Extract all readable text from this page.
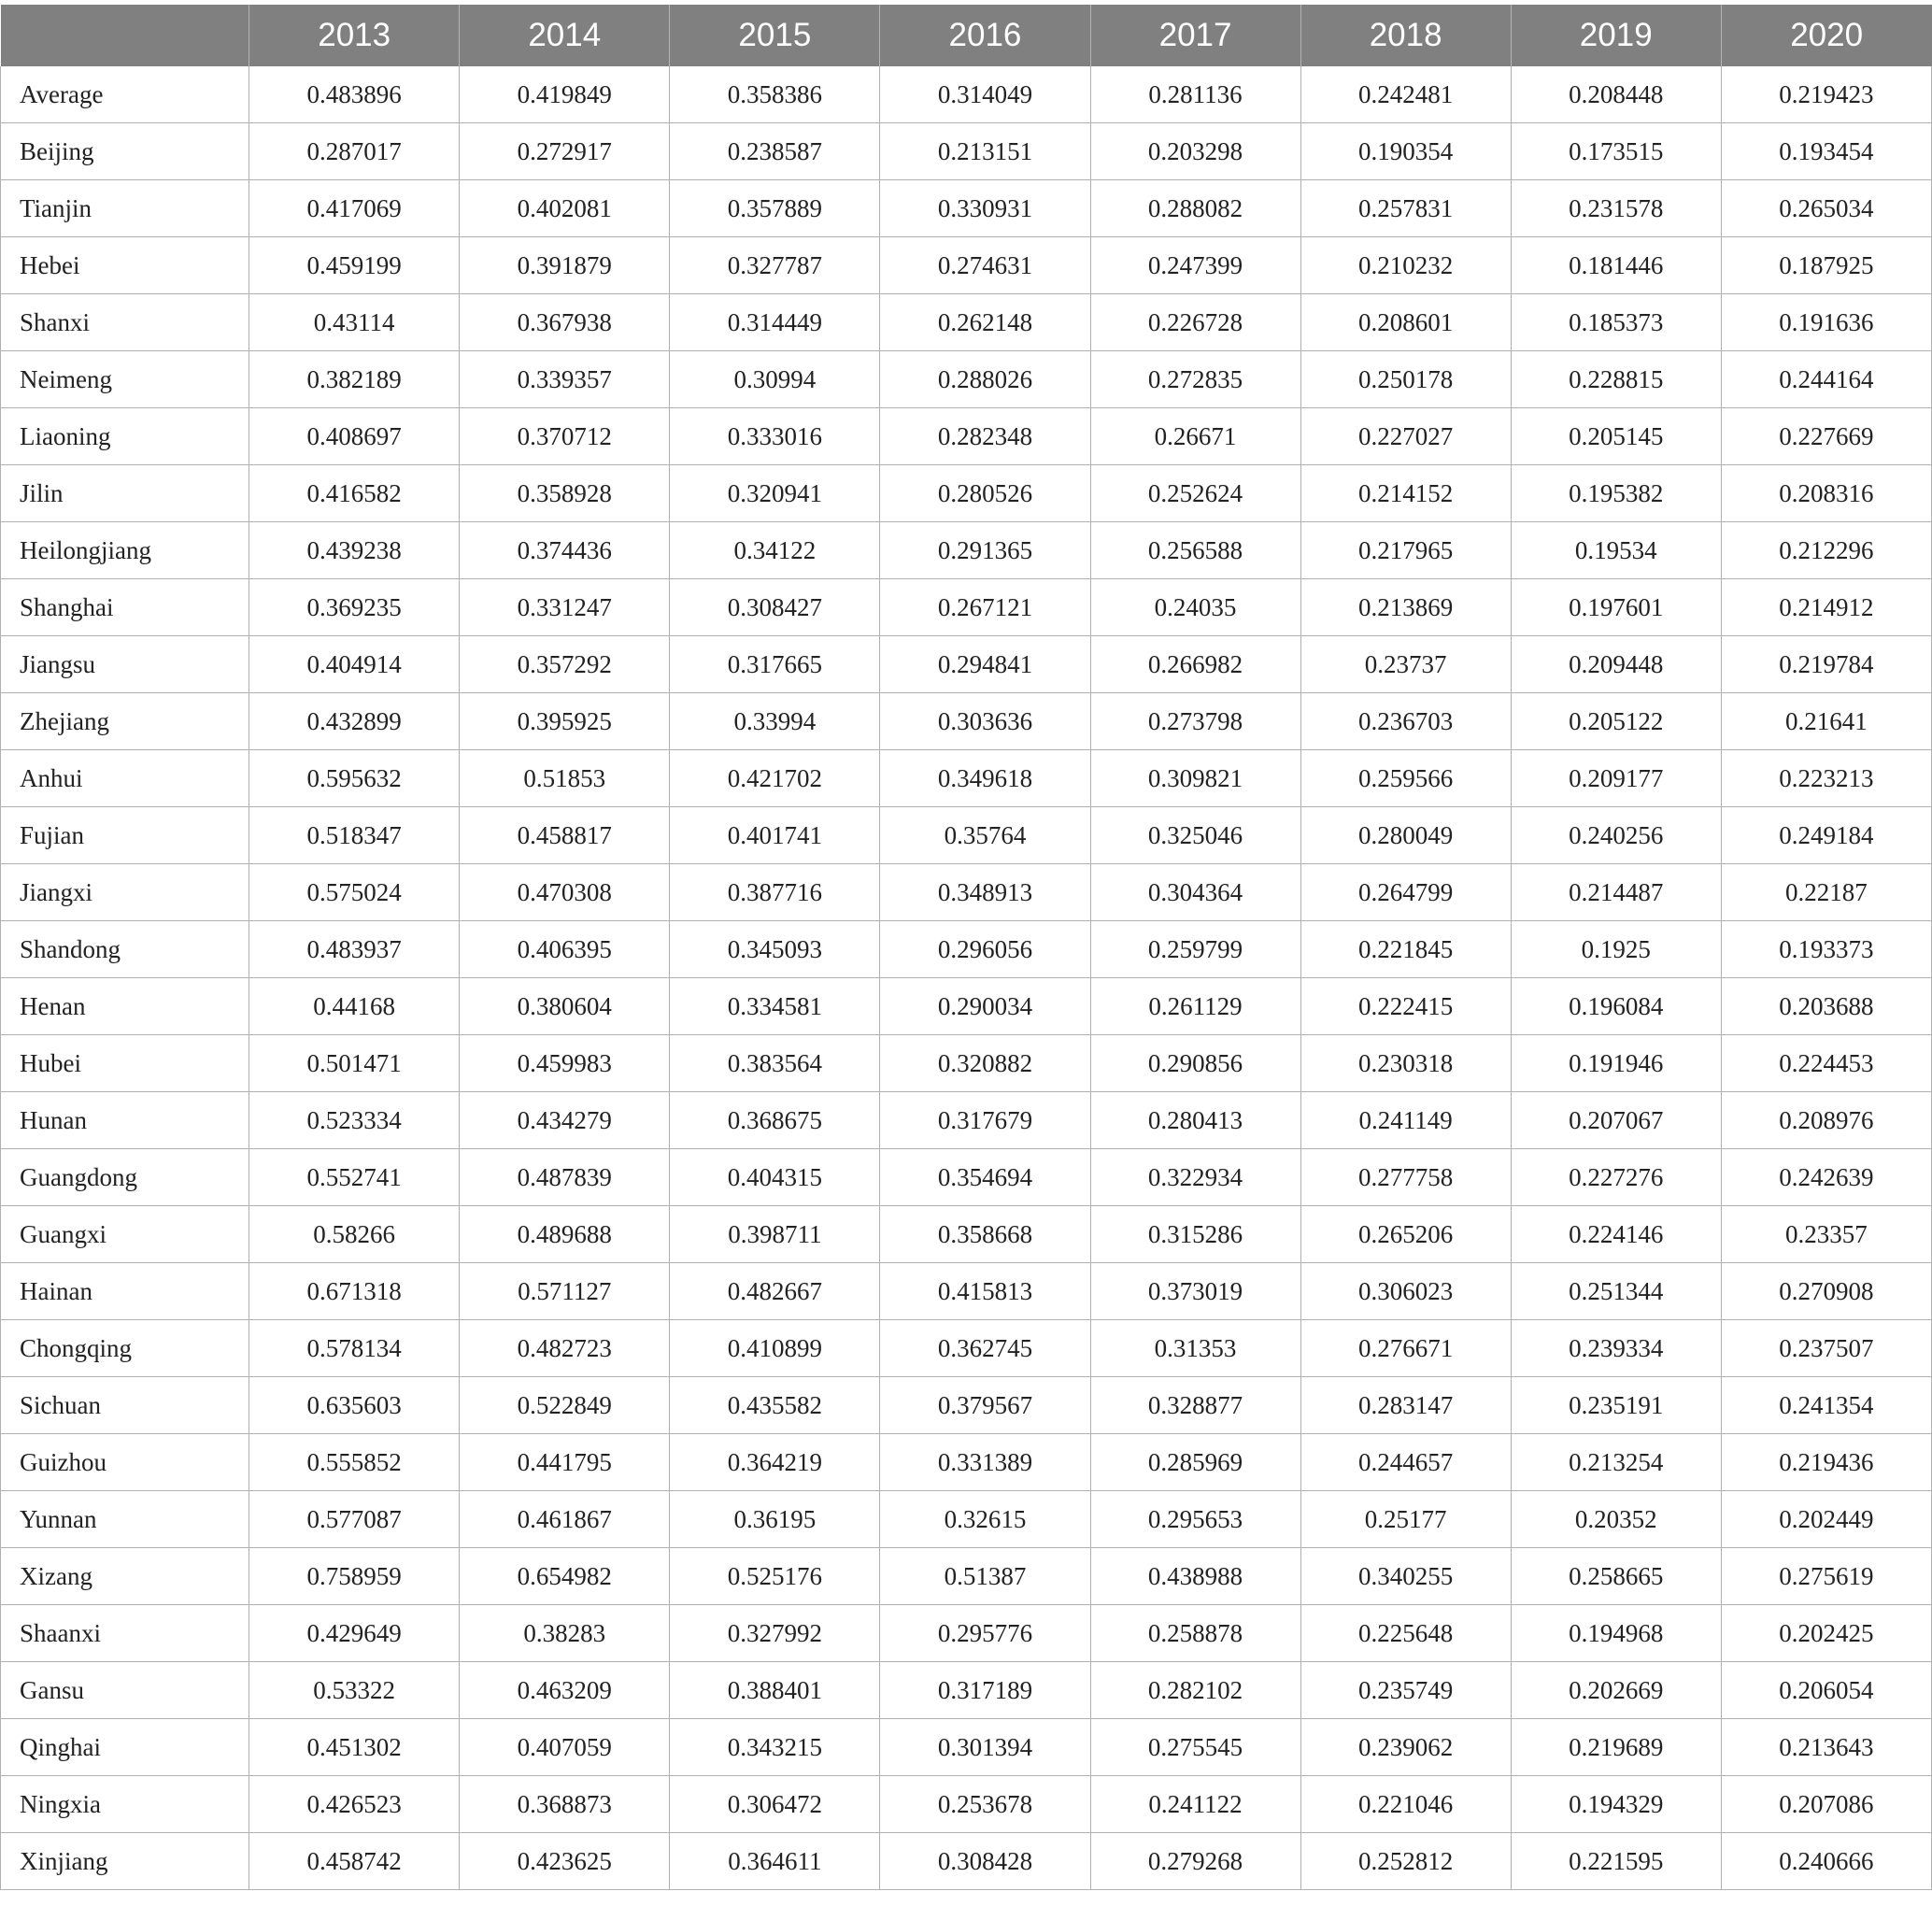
	2013	2014	2015	2016	2017	2018	2019	2020
Average	0.483896	0.419849	0.358386	0.314049	0.281136	0.242481	0.208448	0.219423
Beijing	0.287017	0.272917	0.238587	0.213151	0.203298	0.190354	0.173515	0.193454
Tianjin	0.417069	0.402081	0.357889	0.330931	0.288082	0.257831	0.231578	0.265034
Hebei	0.459199	0.391879	0.327787	0.274631	0.247399	0.210232	0.181446	0.187925
Shanxi	0.43114	0.367938	0.314449	0.262148	0.226728	0.208601	0.185373	0.191636
Neimeng	0.382189	0.339357	0.30994	0.288026	0.272835	0.250178	0.228815	0.244164
Liaoning	0.408697	0.370712	0.333016	0.282348	0.26671	0.227027	0.205145	0.227669
Jilin	0.416582	0.358928	0.320941	0.280526	0.252624	0.214152	0.195382	0.208316
Heilongjiang	0.439238	0.374436	0.34122	0.291365	0.256588	0.217965	0.19534	0.212296
Shanghai	0.369235	0.331247	0.308427	0.267121	0.24035	0.213869	0.197601	0.214912
Jiangsu	0.404914	0.357292	0.317665	0.294841	0.266982	0.23737	0.209448	0.219784
Zhejiang	0.432899	0.395925	0.33994	0.303636	0.273798	0.236703	0.205122	0.21641
Anhui	0.595632	0.51853	0.421702	0.349618	0.309821	0.259566	0.209177	0.223213
Fujian	0.518347	0.458817	0.401741	0.35764	0.325046	0.280049	0.240256	0.249184
Jiangxi	0.575024	0.470308	0.387716	0.348913	0.304364	0.264799	0.214487	0.22187
Shandong	0.483937	0.406395	0.345093	0.296056	0.259799	0.221845	0.1925	0.193373
Henan	0.44168	0.380604	0.334581	0.290034	0.261129	0.222415	0.196084	0.203688
Hubei	0.501471	0.459983	0.383564	0.320882	0.290856	0.230318	0.191946	0.224453
Hunan	0.523334	0.434279	0.368675	0.317679	0.280413	0.241149	0.207067	0.208976
Guangdong	0.552741	0.487839	0.404315	0.354694	0.322934	0.277758	0.227276	0.242639
Guangxi	0.58266	0.489688	0.398711	0.358668	0.315286	0.265206	0.224146	0.23357
Hainan	0.671318	0.571127	0.482667	0.415813	0.373019	0.306023	0.251344	0.270908
Chongqing	0.578134	0.482723	0.410899	0.362745	0.31353	0.276671	0.239334	0.237507
Sichuan	0.635603	0.522849	0.435582	0.379567	0.328877	0.283147	0.235191	0.241354
Guizhou	0.555852	0.441795	0.364219	0.331389	0.285969	0.244657	0.213254	0.219436
Yunnan	0.577087	0.461867	0.36195	0.32615	0.295653	0.25177	0.20352	0.202449
Xizang	0.758959	0.654982	0.525176	0.51387	0.438988	0.340255	0.258665	0.275619
Shaanxi	0.429649	0.38283	0.327992	0.295776	0.258878	0.225648	0.194968	0.202425
Gansu	0.53322	0.463209	0.388401	0.317189	0.282102	0.235749	0.202669	0.206054
Qinghai	0.451302	0.407059	0.343215	0.301394	0.275545	0.239062	0.219689	0.213643
Ningxia	0.426523	0.368873	0.306472	0.253678	0.241122	0.221046	0.194329	0.207086
Xinjiang	0.458742	0.423625	0.364611	0.308428	0.279268	0.252812	0.221595	0.240666
